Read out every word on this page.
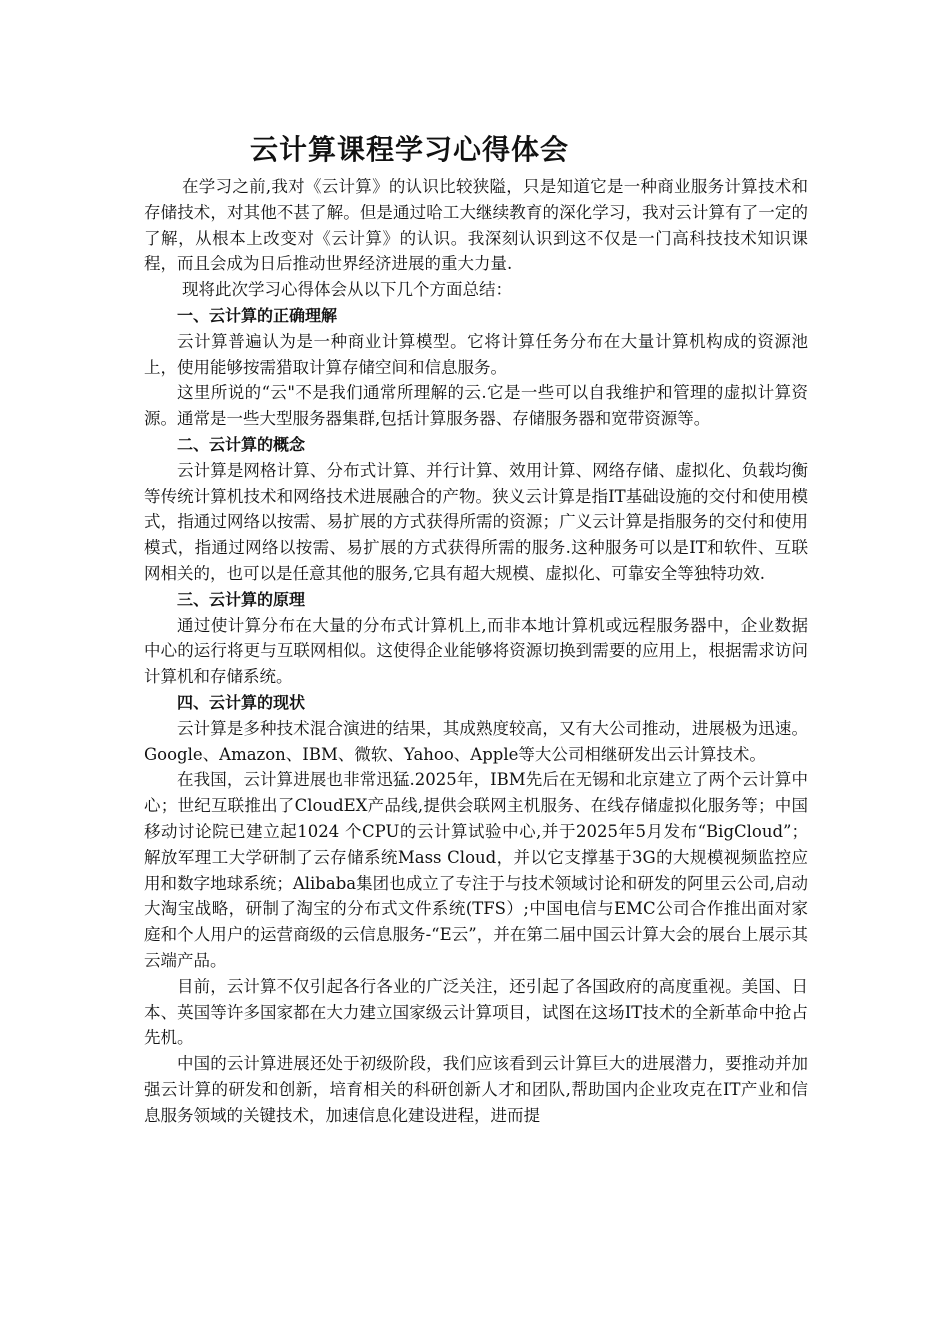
云计算课程学习心得体会

在学习之前,我对《云计算》的认识比较狭隘，只是知道它是一种商业服务计算技术和存储技术，对其他不甚了解。但是通过哈工大继续教育的深化学习，我对云计算有了一定的了解，从根本上改变对《云计算》的认识。我深刻认识到这不仅是一门高科技技术知识课程，而且会成为日后推动世界经济进展的重大力量.

现将此次学习心得体会从以下几个方面总结：

一、云计算的正确理解

云计算普遍认为是一种商业计算模型。它将计算任务分布在大量计算机构成的资源池上，使用能够按需猎取计算存储空间和信息服务。

这里所说的“云"不是我们通常所理解的云.它是一些可以自我维护和管理的虚拟计算资源。通常是一些大型服务器集群,包括计算服务器、存储服务器和宽带资源等。

二、云计算的概念

云计算是网格计算、分布式计算、并行计算、效用计算、网络存储、虚拟化、负载均衡等传统计算机技术和网络技术进展融合的产物。狭义云计算是指IT基础设施的交付和使用模式，指通过网络以按需、易扩展的方式获得所需的资源；广义云计算是指服务的交付和使用模式，指通过网络以按需、易扩展的方式获得所需的服务.这种服务可以是IT和软件、互联网相关的，也可以是任意其他的服务,它具有超大规模、虚拟化、可靠安全等独特功效.

三、云计算的原理

通过使计算分布在大量的分布式计算机上,而非本地计算机或远程服务器中，企业数据中心的运行将更与互联网相似。这使得企业能够将资源切换到需要的应用上，根据需求访问计算机和存储系统。

四、云计算的现状

云计算是多种技术混合演进的结果，其成熟度较高，又有大公司推动，进展极为迅速。Google、Amazon、IBM、微软、Yahoo、Apple等大公司相继研发出云计算技术。

在我国，云计算进展也非常迅猛.2025年，IBM先后在无锡和北京建立了两个云计算中心；世纪互联推出了CloudEX产品线,提供会联网主机服务、在线存储虚拟化服务等；中国移动讨论院已建立起1024 个CPU的云计算试验中心,并于2025年5月发布“BigCloud”；解放军理工大学研制了云存储系统Mass Cloud，并以它支撑基于3G的大规模视频监控应用和数字地球系统；Alibaba集团也成立了专注于与技术领域讨论和研发的阿里云公司,启动大淘宝战略，研制了淘宝的分布式文件系统(TFS）;中国电信与EMC公司合作推出面对家庭和个人用户的运营商级的云信息服务-“E云”，并在第二届中国云计算大会的展台上展示其云端产品。

目前，云计算不仅引起各行各业的广泛关注，还引起了各国政府的高度重视。美国、日本、英国等许多国家都在大力建立国家级云计算项目，试图在这场IT技术的全新革命中抢占先机。

中国的云计算进展还处于初级阶段，我们应该看到云计算巨大的进展潜力，要推动并加强云计算的研发和创新，培育相关的科研创新人才和团队,帮助国内企业攻克在IT产业和信息服务领域的关键技术，加速信息化建设进程，进而提
